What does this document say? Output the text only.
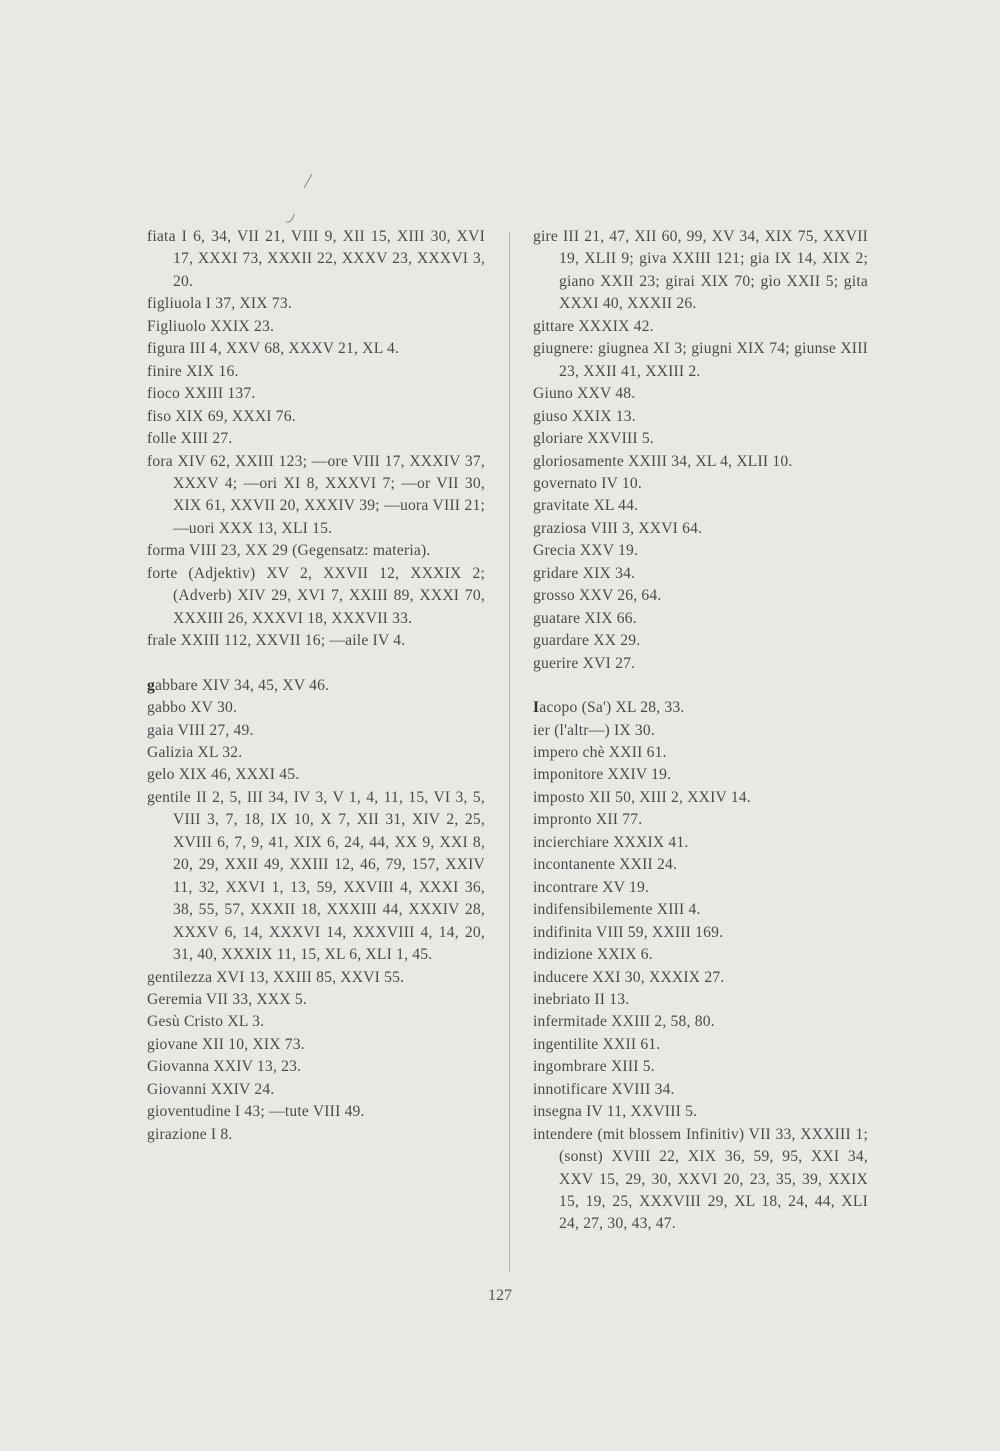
fiata I 6, 34, VII 21, VIII 9, XII 15, XIII 30, XVI 17, XXXI 73, XXXII 22, XXXV 23, XXXVI 3, 20.
figliuola I 37, XIX 73.
Figliuolo XXIX 23.
figura III 4, XXV 68, XXXV 21, XL 4.
finire XIX 16.
fioco XXIII 137.
fiso XIX 69, XXXI 76.
folle XIII 27.
fora XIV 62, XXIII 123; —ore VIII 17, XXXIV 37, XXXV 4; —ori XI 8, XXXVI 7; —or VII 30, XIX 61, XXVII 20, XXXIV 39; —uora VIII 21; —uori XXX 13, XLI 15.
forma VIII 23, XX 29 (Gegensatz: materia).
forte (Adjektiv) XV 2, XXVII 12, XXXIX 2; (Adverb) XIV 29, XVI 7, XXIII 89, XXXI 70, XXXIII 26, XXXVI 18, XXXVII 33.
frale XXIII 112, XXVII 16; —aile IV 4.
gabbare XIV 34, 45, XV 46.
gabbo XV 30.
gaia VIII 27, 49.
Galizia XL 32.
gelo XIX 46, XXXI 45.
gentile II 2, 5, III 34, IV 3, V 1, 4, 11, 15, VI 3, 5, VIII 3, 7, 18, IX 10, X 7, XII 31, XIV 2, 25, XVIII 6, 7, 9, 41, XIX 6, 24, 44, XX 9, XXI 8, 20, 29, XXII 49, XXIII 12, 46, 79, 157, XXIV 11, 32, XXVI 1, 13, 59, XXVIII 4, XXXI 36, 38, 55, 57, XXXII 18, XXXIII 44, XXXIV 28, XXXV 6, 14, XXXVI 14, XXXVIII 4, 14, 20, 31, 40, XXXIX 11, 15, XL 6, XLI 1, 45.
gentilezza XVI 13, XXIII 85, XXVI 55.
Geremia VII 33, XXX 5.
Gesù Cristo XL 3.
giovane XII 10, XIX 73.
Giovanna XXIV 13, 23.
Giovanni XXIV 24.
gioventudine I 43; —tute VIII 49.
girazione I 8.
gire III 21, 47, XII 60, 99, XV 34, XIX 75, XXVII 19, XLII 9; giva XXIII 121; gia IX 14, XIX 2; giano XXII 23; girai XIX 70; gìo XXII 5; gita XXXI 40, XXXII 26.
gittare XXXIX 42.
giugnere: giugnea XI 3; giugni XIX 74; giunse XIII 23, XXII 41, XXIII 2.
Giuno XXV 48.
giuso XXIX 13.
gloriare XXVIII 5.
gloriosamente XXIII 34, XL 4, XLII 10.
governato IV 10.
gravitate XL 44.
graziosa VIII 3, XXVI 64.
Grecia XXV 19.
gridare XIX 34.
grosso XXV 26, 64.
guatare XIX 66.
guardare XX 29.
guerire XVI 27.
Iacopo (Sa') XL 28, 33.
ier (l'altr—) IX 30.
impero chè XXII 61.
imponitore XXIV 19.
imposto XII 50, XIII 2, XXIV 14.
impronto XII 77.
incierchiare XXXIX 41.
incontanente XXII 24.
incontrare XV 19.
indifensibilemente XIII 4.
indifinita VIII 59, XXIII 169.
indizione XXIX 6.
inducere XXI 30, XXXIX 27.
inebriato II 13.
infermitade XXIII 2, 58, 80.
ingentilite XXII 61.
ingombrare XIII 5.
innotificare XVIII 34.
insegna IV 11, XXVIII 5.
intendere (mit blossem Infinitiv) VII 33, XXXIII 1; (sonst) XVIII 22, XIX 36, 59, 95, XXI 34, XXV 15, 29, 30, XXVI 20, 23, 35, 39, XXIX 15, 19, 25, XXXVIII 29, XL 18, 24, 44, XLI 24, 27, 30, 43, 47.
127
